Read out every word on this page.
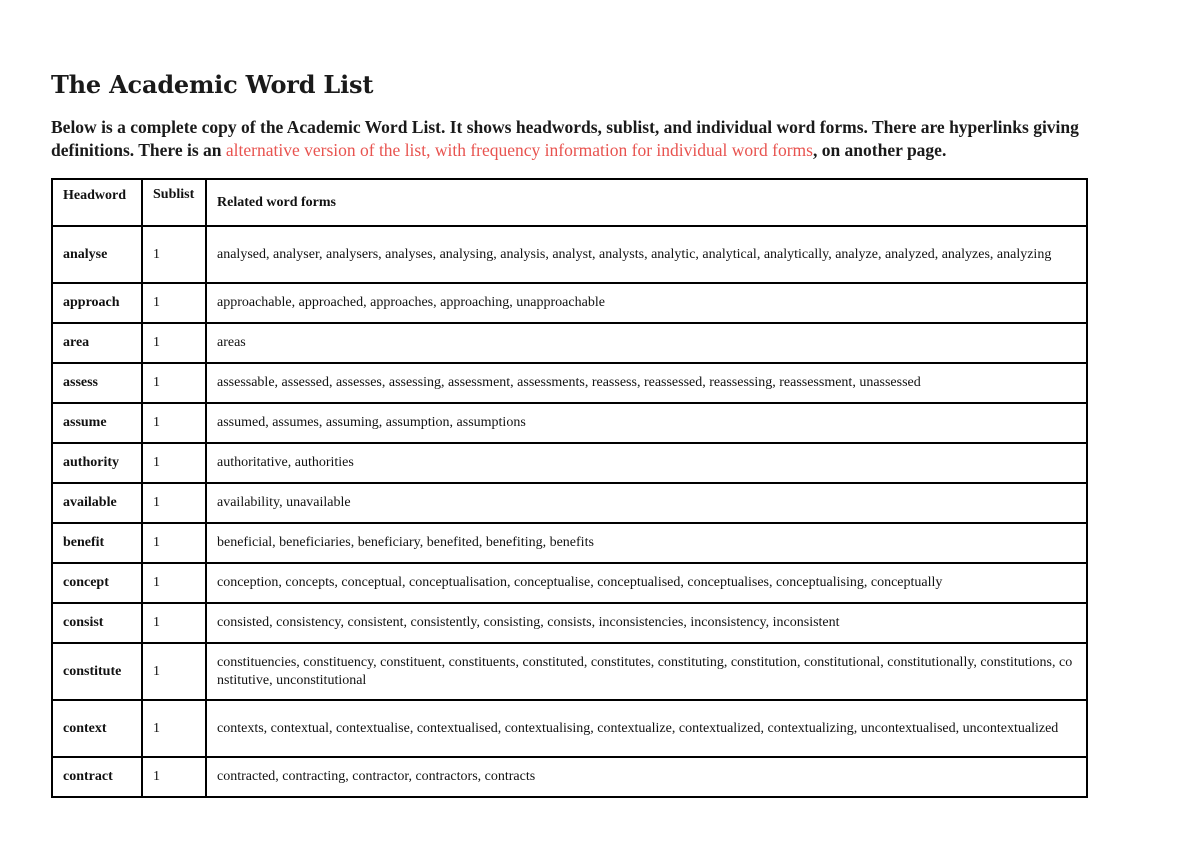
The Academic Word List

Below is a complete copy of the Academic Word List. It shows headwords, sublist, and individual word forms. There are hyperlinks giving definitions. There is an alternative version of the list, with frequency information for individual word forms, on another page.

Headword	Sublist	Related word forms
analyse	1	analysed, analyser, analysers, analyses, analysing, analysis, analyst, analysts, analytic, analytical, analytically, analyze, analyzed, analyzes, analyzing
approach	1	approachable, approached, approaches, approaching, unapproachable
area	1	areas
assess	1	assessable, assessed, assesses, assessing, assessment, assessments, reassess, reassessed, reassessing, reassessment, unassessed
assume	1	assumed, assumes, assuming, assumption, assumptions
authority	1	authoritative, authorities
available	1	availability, unavailable
benefit	1	beneficial, beneficiaries, beneficiary, benefited, benefiting, benefits
concept	1	conception, concepts, conceptual, conceptualisation, conceptualise, conceptualised, conceptualises, conceptualising, conceptually
consist	1	consisted, consistency, consistent, consistently, consisting, consists, inconsistencies, inconsistency, inconsistent
constitute	1	constituencies, constituency, constituent, constituents, constituted, constitutes, constituting, constitution, constitutional, constitutionally, constitutions, constitutive, unconstitutional
context	1	contexts, contextual, contextualise, contextualised, contextualising, contextualize, contextualized, contextualizing, uncontextualised, uncontextualized
contract	1	contracted, contracting, contractor, contractors, contracts
